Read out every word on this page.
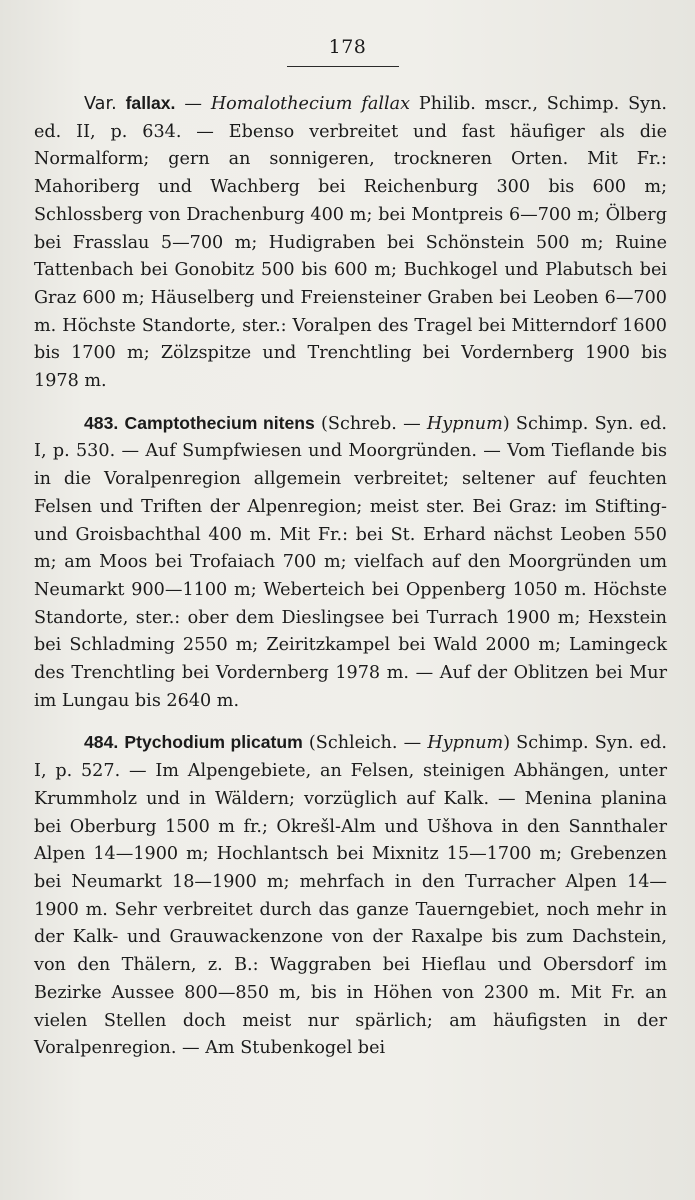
178

Var. fallax. — Homalothecium fallax Philib. mscr., Schimp. Syn. ed. II, p. 634. — Ebenso verbreitet und fast häufiger als die Normalform; gern an sonnigeren, trockneren Orten. Mit Fr.: Mahoriberg und Wachberg bei Reichenburg 300 bis 600 m; Schlossberg von Drachenburg 400 m; bei Montpreis 6—700 m; Ölberg bei Frasslau 5—700 m; Hudigraben bei Schönstein 500 m; Ruine Tattenbach bei Gonobitz 500 bis 600 m; Buchkogel und Plabutsch bei Graz 600 m; Häuselberg und Freiensteiner Graben bei Leoben 6—700 m. Höchste Standorte, ster.: Voralpen des Tragel bei Mitterndorf 1600 bis 1700 m; Zölzspitze und Trenchtling bei Vordernberg 1900 bis 1978 m.

483. Camptothecium nitens (Schreb. — Hypnum) Schimp. Syn. ed. I, p. 530. — Auf Sumpfwiesen und Moorgründen. — Vom Tieflande bis in die Voralpenregion allgemein verbreitet; seltener auf feuchten Felsen und Triften der Alpenregion; meist ster. Bei Graz: im Stifting- und Groisbachthal 400 m. Mit Fr.: bei St. Erhard nächst Leoben 550 m; am Moos bei Trofaiach 700 m; vielfach auf den Moorgründen um Neumarkt 900—1100 m; Weberteich bei Oppenberg 1050 m. Höchste Standorte, ster.: ober dem Dieslingsee bei Turrach 1900 m; Hexstein bei Schladming 2550 m; Zeiritzkampel bei Wald 2000 m; Lamingeck des Trenchtling bei Vordernberg 1978 m. — Auf der Oblitzen bei Mur im Lungau bis 2640 m.

484. Ptychodium plicatum (Schleich. — Hypnum) Schimp. Syn. ed. I, p. 527. — Im Alpengebiete, an Felsen, steinigen Abhängen, unter Krummholz und in Wäldern; vorzüglich auf Kalk. — Menina planina bei Oberburg 1500 m fr.; Okrešl-Alm und Ušhova in den Sannthaler Alpen 14—1900 m; Hochlantsch bei Mixnitz 15—1700 m; Grebenzen bei Neumarkt 18—1900 m; mehrfach in den Turracher Alpen 14—1900 m. Sehr verbreitet durch das ganze Tauerngebiet, noch mehr in der Kalk- und Grauwackenzone von der Raxalpe bis zum Dachstein, von den Thälern, z. B.: Waggraben bei Hieflau und Obersdorf im Bezirke Aussee 800—850 m, bis in Höhen von 2300 m. Mit Fr. an vielen Stellen doch meist nur spärlich; am häufigsten in der Voralpenregion. — Am Stubenkogel bei
